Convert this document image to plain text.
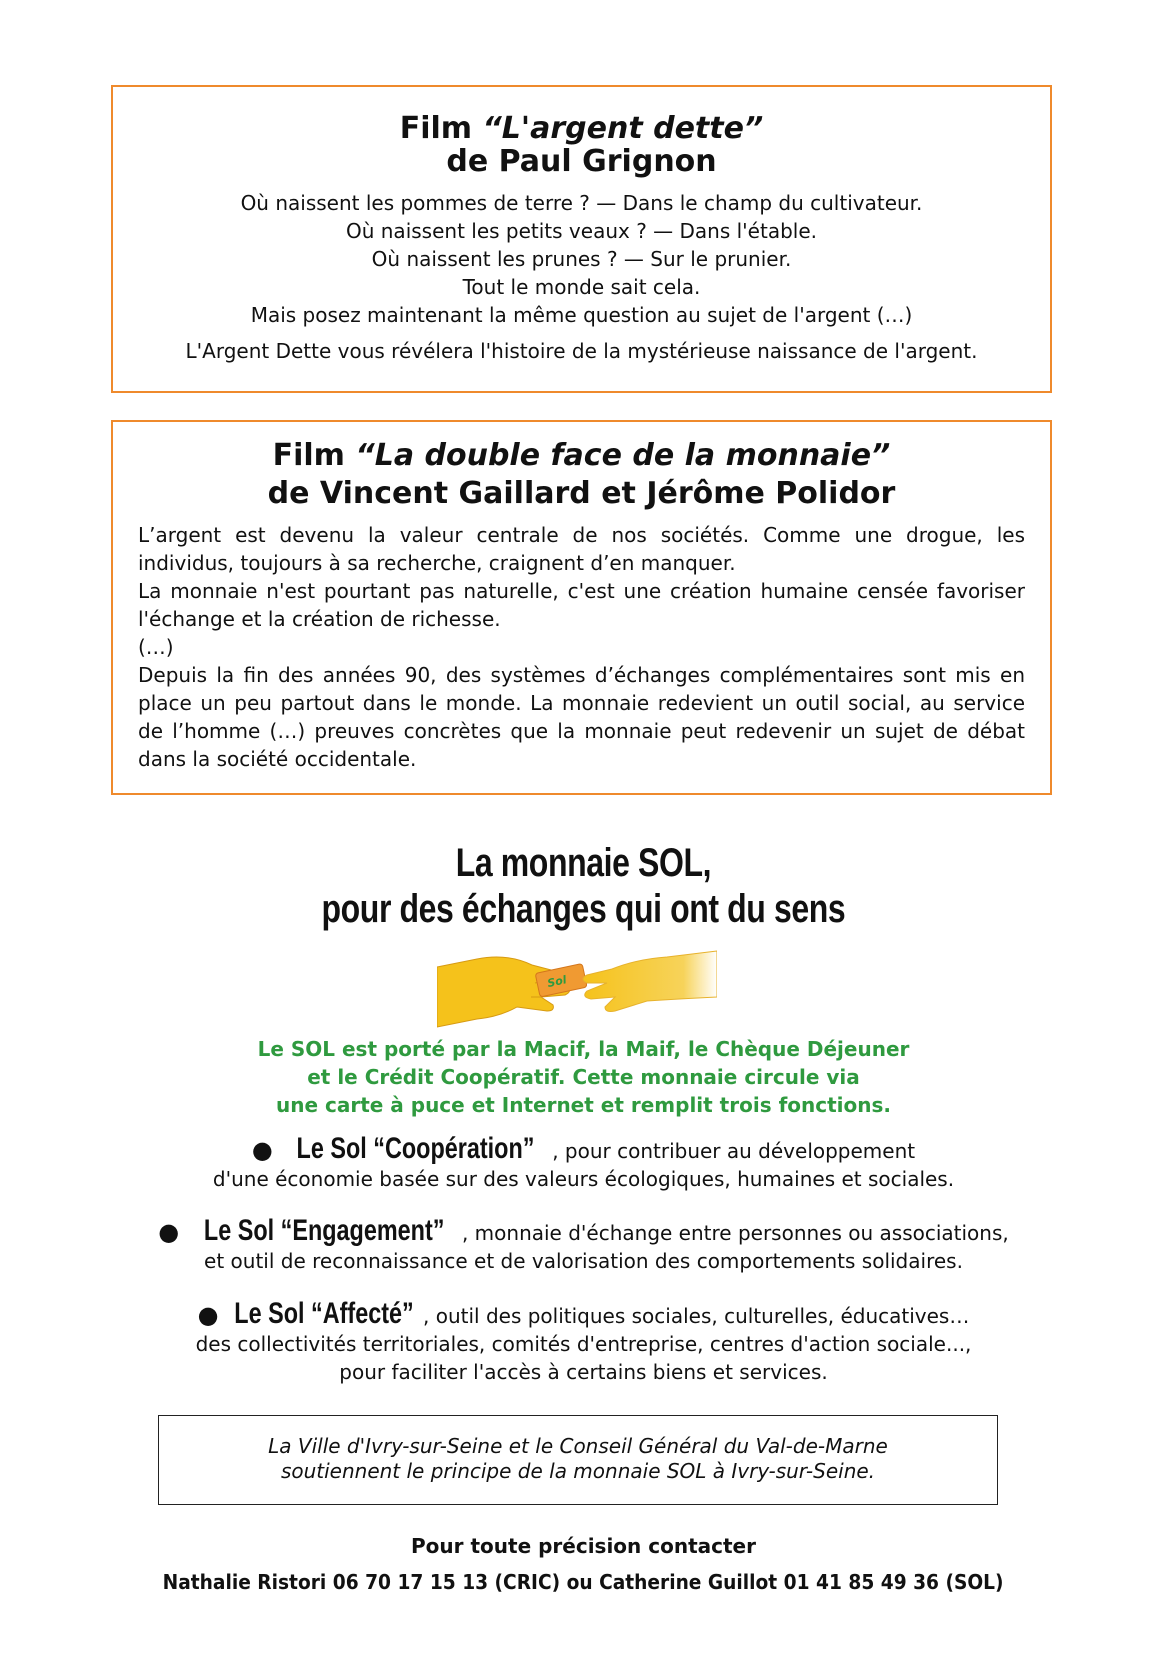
Film “L'argent dette”
de Paul Grignon
Où naissent les pommes de terre ? — Dans le champ du cultivateur.
Où naissent les petits veaux ? — Dans l'étable.
Où naissent les prunes ? — Sur le prunier.
Tout le monde sait cela.
Mais posez maintenant la même question au sujet de l'argent (…)
L'Argent Dette vous révélera l'histoire de la mystérieuse naissance de l'argent.
Film “La double face de la monnaie”
de Vincent Gaillard et Jérôme Polidor

L’argent est devenu la valeur centrale de nos sociétés. Comme une drogue, les individus, toujours à sa recherche, craignent d’en manquer.

La monnaie n'est pourtant pas naturelle, c'est une création humaine censée favoriser l'échange et la création de richesse.

(…)

Depuis la fin des années 90, des systèmes d’échanges complémentaires sont mis en place un peu partout dans le monde. La monnaie redevient un outil social, au service de l’homme (…) preuves concrètes que la monnaie peut redevenir un sujet de débat dans la société occidentale.

La monnaie SOL,
pour des échanges qui ont du sens
Sol
Le SOL est porté par la Macif, la Maif, le Chèque Déjeuner
et le Crédit Coopératif. Cette monnaie circule via
une carte à puce et Internet et remplit trois fonctions.
● Le Sol “Coopération” , pour contribuer au développement
d'une économie basée sur des valeurs écologiques, humaines et sociales.
● Le Sol “Engagement” , monnaie d'échange entre personnes ou associations,
et outil de reconnaissance et de valorisation des comportements solidaires.
● Le Sol “Affecté” , outil des politiques sociales, culturelles, éducatives…
des collectivités territoriales, comités d'entreprise, centres d'action sociale...,
pour faciliter l'accès à certains biens et services.
La Ville d'Ivry-sur-Seine et le Conseil Général du Val-de-Marne
soutiennent le principe de la monnaie SOL à Ivry-sur-Seine.
Pour toute précision contacter
Nathalie Ristori 06 70 17 15 13 (CRIC) ou Catherine Guillot 01 41 85 49 36 (SOL)
